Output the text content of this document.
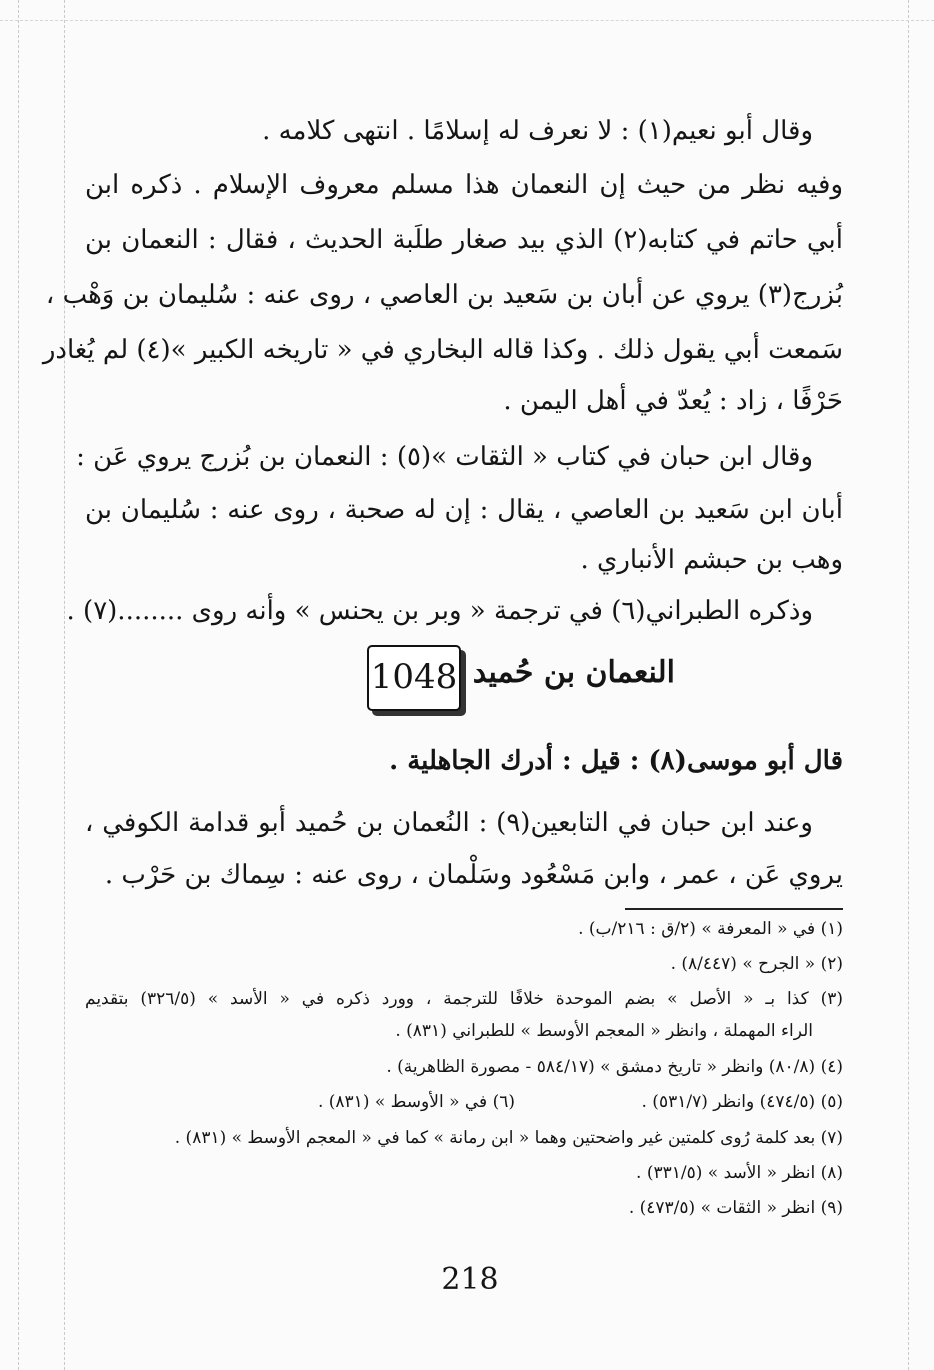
وقال أبو نعيم(١) : لا نعرف له إسلامًا . انتهى كلامه .
وفيه نظر من حيث إن النعمان هذا مسلم معروف الإسلام . ذكره ابن
أبي حاتم في كتابه(٢) الذي بيد صغار طلَبة الحديث ، فقال : النعمان بن
بُزرج(٣) يروي عن أبان بن سَعيد بن العاصي ، روى عنه : سُليمان بن وَهْب ،
سَمعت أبي يقول ذلك . وكذا قاله البخاري في « تاريخه الكبير »(٤) لم يُغادر
حَرْفًا ، زاد : يُعدّ في أهل اليمن .
وقال ابن حبان في كتاب « الثقات »(٥) : النعمان بن بُزرج يروي عَن :
أبان ابن سَعيد بن العاصي ، يقال : إن له صحبة ، روى عنه : سُليمان بن
وهب بن حبشم الأنباري .
وذكره الطبراني(٦) في ترجمة « وبر بن يحنس » وأنه روى ........(٧) .
1048 النعمان بن حُميد
قال أبو موسى(٨) : قيل : أدرك الجاهلية .
وعند ابن حبان في التابعين(٩) : النُعمان بن حُميد أبو قدامة الكوفي ،
يروي عَن ، عمر ، وابن مَسْعُود وسَلْمان ، روى عنه : سِماك بن حَرْب .
(١) في « المعرفة » (٢/ق : ٢١٦/ب) .
(٢) « الجرح » (٨/٤٤٧) .
(٣) كذا بـ « الأصل » بضم الموحدة خلافًا للترجمة ، وورد ذكره في « الأسد » (٣٢٦/٥) بتقديم
الراء المهملة ، وانظر « المعجم الأوسط » للطبراني (٨٣١) .
(٤) (٨٠/٨) وانظر « تاريخ دمشق » (٥٨٤/١٧ - مصورة الظاهرية) .
(٥) (٤٧٤/٥) وانظر (٥٣١/٧) .
(٦) في « الأوسط » (٨٣١) .
(٧) بعد كلمة رُوى كلمتين غير واضحتين وهما « ابن رمانة » كما في « المعجم الأوسط » (٨٣١) .
(٨) انظر « الأسد » (٣٣١/٥) .
(٩) انظر « الثقات » (٤٧٣/٥) .
218
